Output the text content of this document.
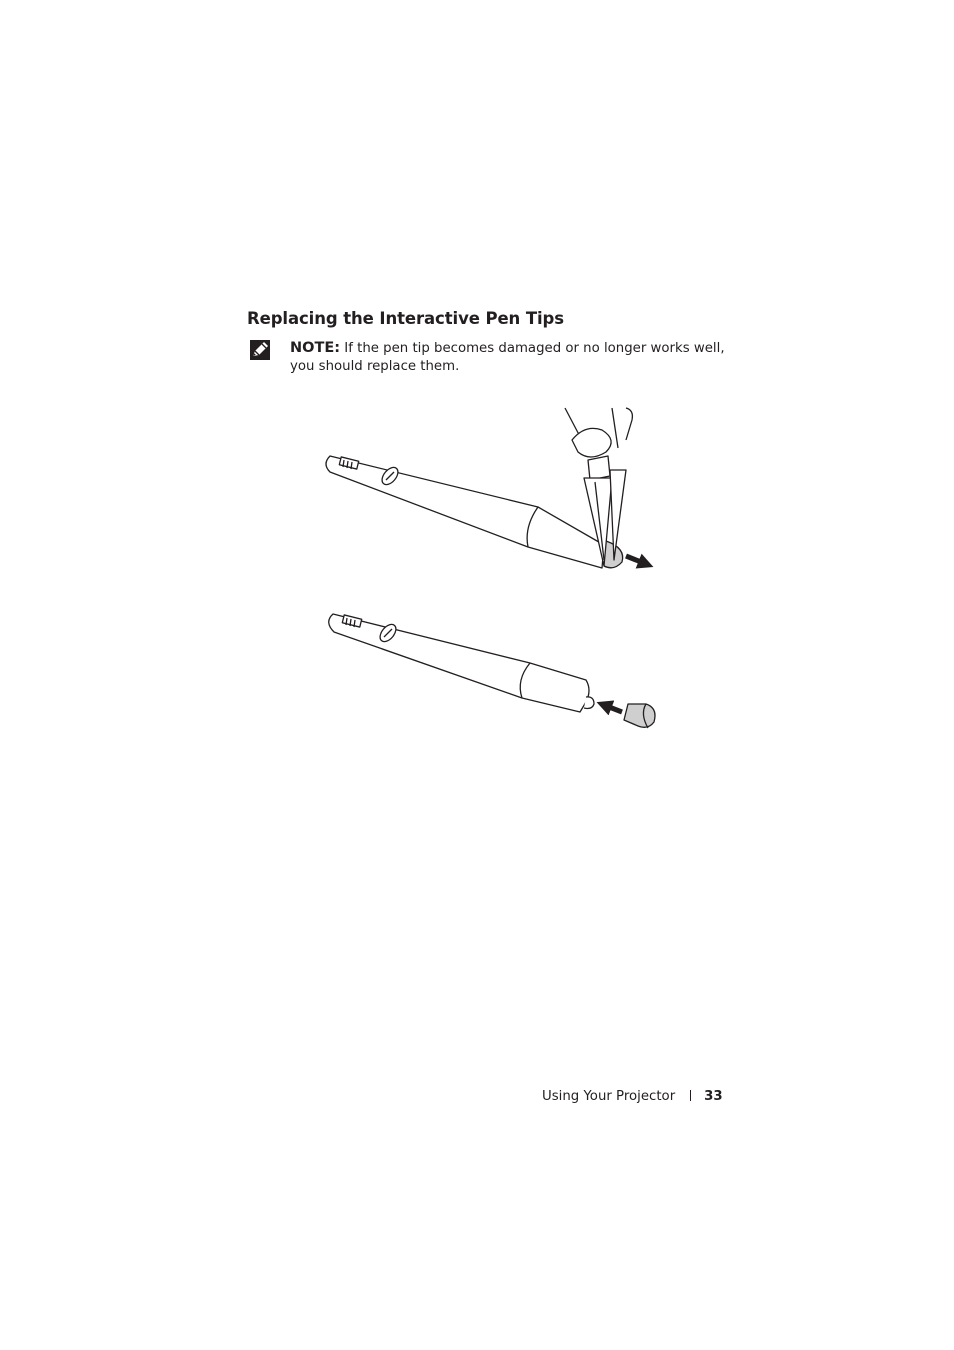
Replacing the Interactive Pen Tips

NOTE: If the pen tip becomes damaged or no longer works well, you should replace them.

Using Your Projector 33
